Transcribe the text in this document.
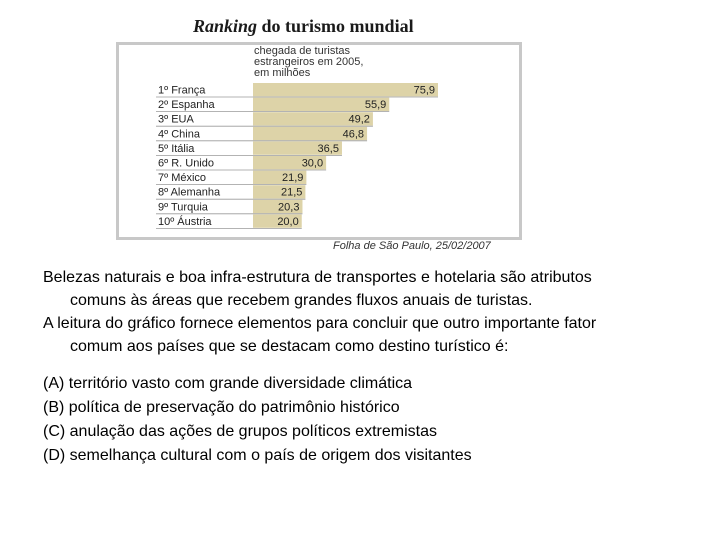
Ranking do turismo mundial
chegada de turistas
estrangeiros em 2005,
em milhões
1º França
2º Espanha
3º EUA
4º China
5º Itália
6º R. Unido
7º México
8º Alemanha
9º Turquia
10º Áustria
75,9
55,9
49,2
46,8
36,5
30,0
21,9
21,5
20,3
20,0
Folha de São Paulo, 25/02/2007

Belezas naturais e boa infra-estrutura de transportes e hotelaria são atributos
comuns às áreas que recebem grandes fluxos anuais de turistas.

A leitura do gráfico fornece elementos para concluir que outro importante fator
comum aos países que se destacam como destino turístico é:

(A) território vasto com grande diversidade climática
(B) política de preservação do patrimônio histórico
(C) anulação das ações de grupos políticos extremistas
(D) semelhança cultural com o país de origem dos visitantes
